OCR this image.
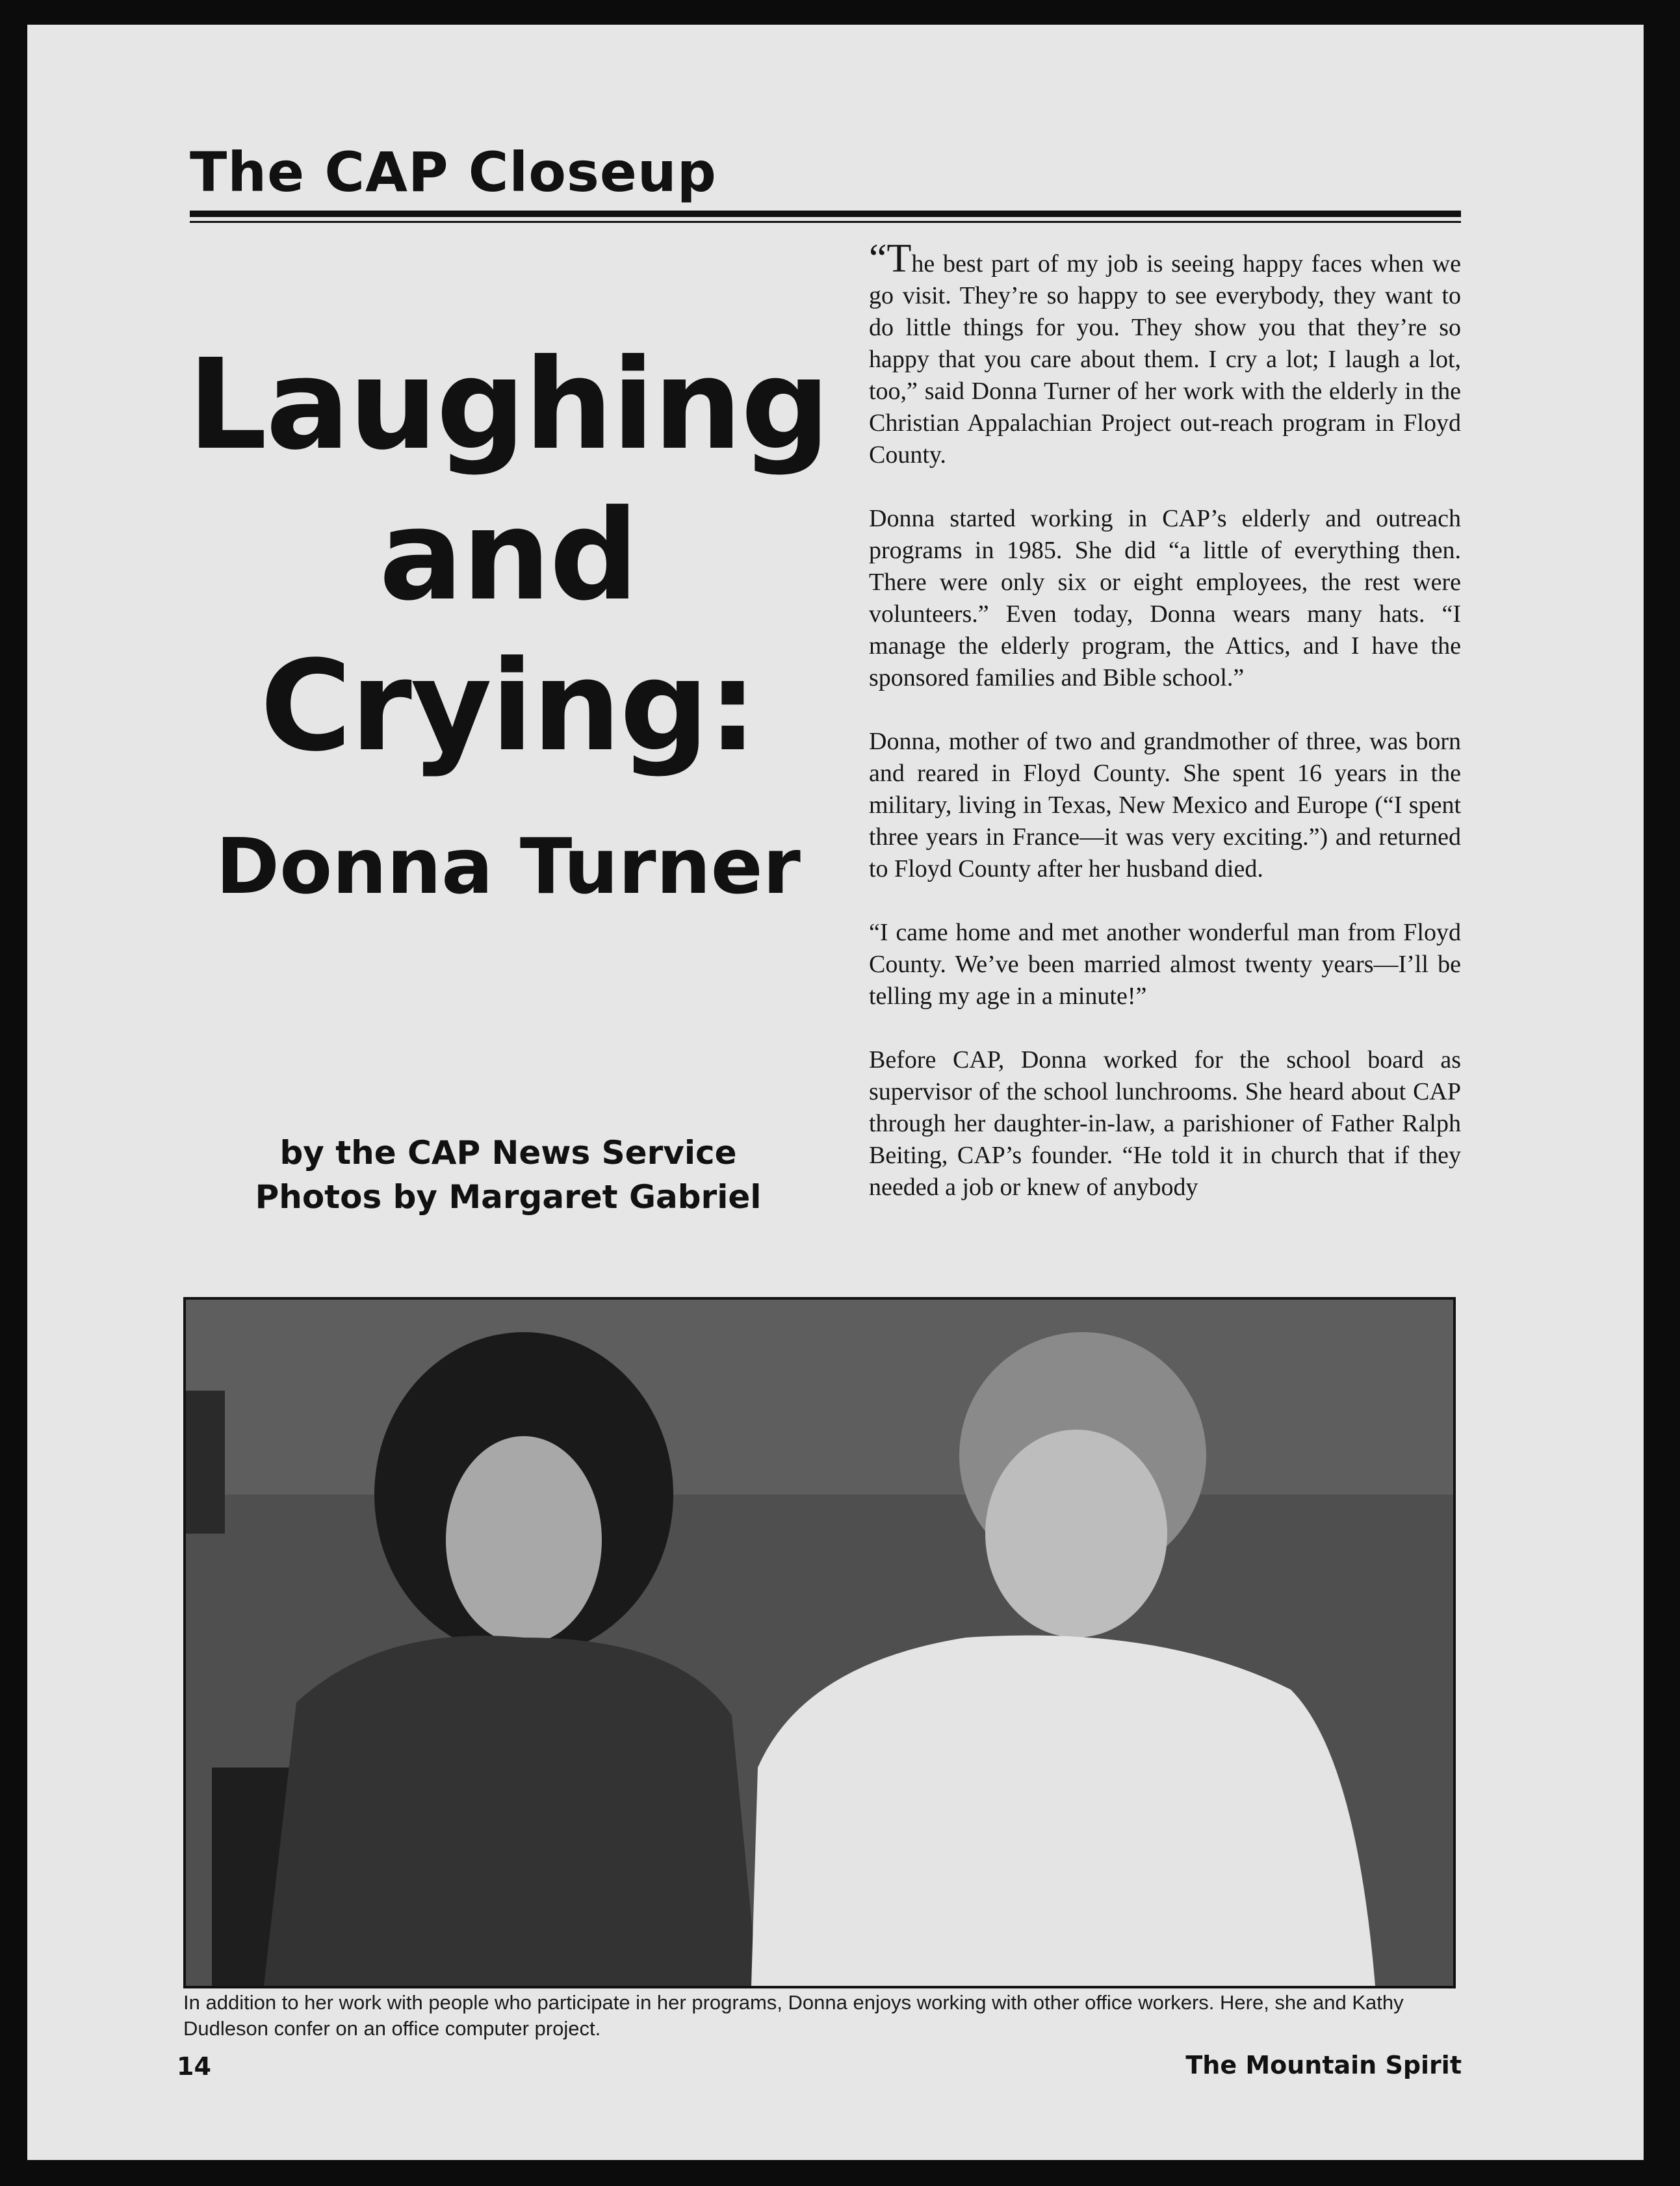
The CAP Closeup
Laughing
and
Crying:
Donna Turner
by the CAP News Service
Photos by Margaret Gabriel

“The best part of my job is seeing happy faces when we go visit. They’re so happy to see everybody, they want to do little things for you. They show you that they’re so happy that you care about them. I cry a lot; I laugh a lot, too,” said Donna Turner of her work with the elderly in the Christian Appalachian Project out-reach program in Floyd County.

Donna started working in CAP’s elderly and outreach programs in 1985. She did “a little of everything then. There were only six or eight employees, the rest were volunteers.” Even today, Donna wears many hats. “I manage the elderly program, the Attics, and I have the sponsored families and Bible school.”

Donna, mother of two and grandmother of three, was born and reared in Floyd County. She spent 16 years in the military, living in Texas, New Mexico and Europe (“I spent three years in France—it was very exciting.”) and returned to Floyd County after her husband died.

“I came home and met another wonderful man from Floyd County. We’ve been married almost twenty years—I’ll be telling my age in a minute!”

Before CAP, Donna worked for the school board as supervisor of the school lunchrooms. She heard about CAP through her daughter-in-law, a parishioner of Father Ralph Beiting, CAP’s founder. “He told it in church that if they needed a job or knew of anybody

In addition to her work with people who participate in her programs, Donna enjoys working with other office workers. Here, she and Kathy Dudleson confer on an office computer project.
14	The Mountain Spirit
